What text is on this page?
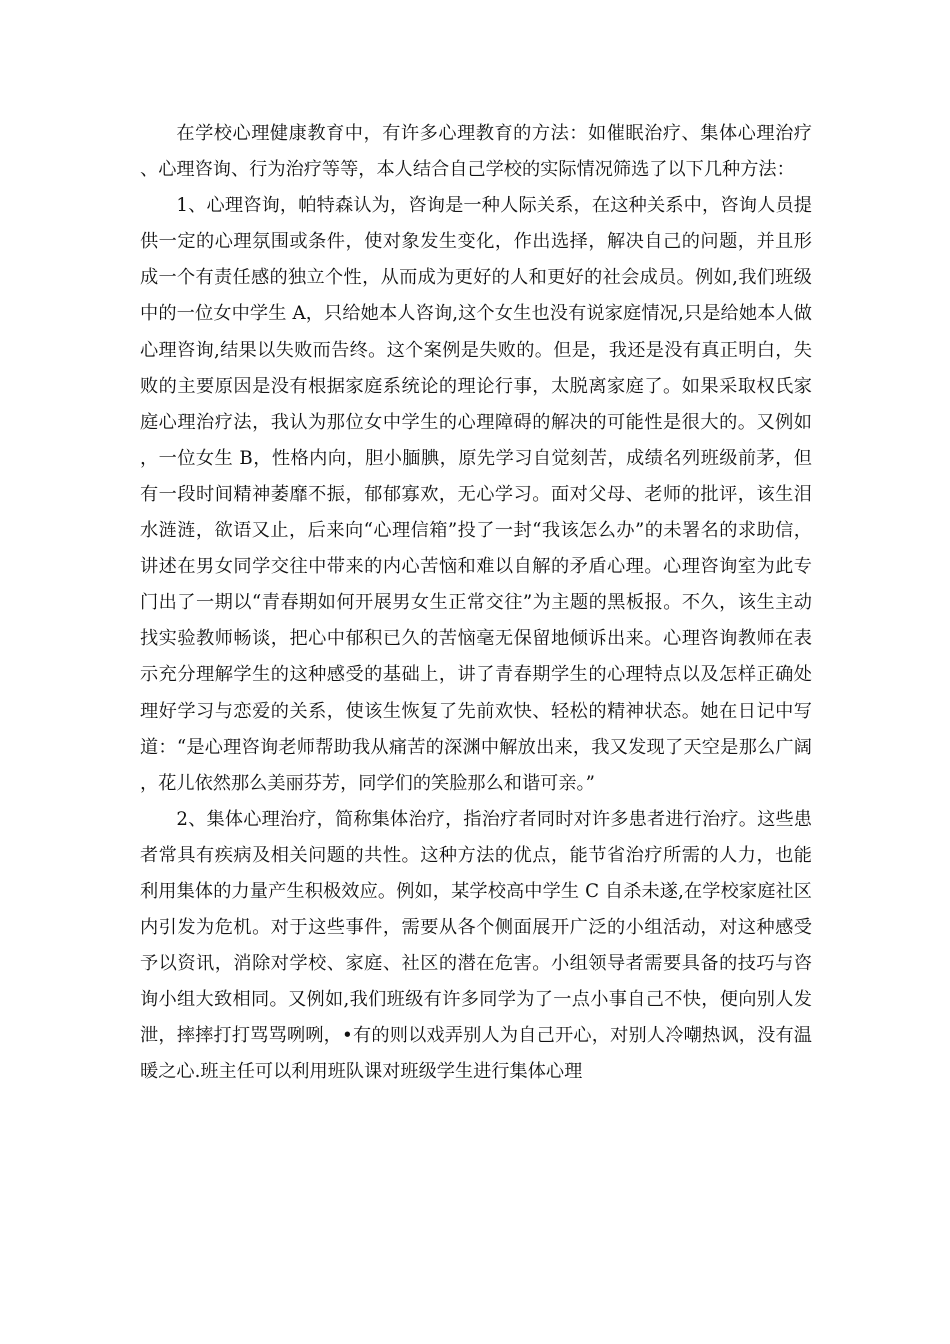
在学校心理健康教育中，有许多心理教育的方法：如催眠治疗、集体心理治疗、心理咨询、行为治疗等等，本人结合自己学校的实际情况筛选了以下几种方法：

1、心理咨询，帕特森认为，咨询是一种人际关系，在这种关系中，咨询人员提供一定的心理氛围或条件，使对象发生变化，作出选择，解决自己的问题，并且形成一个有责任感的独立个性，从而成为更好的人和更好的社会成员。例如,我们班级中的一位女中学生 A，只给她本人咨询,这个女生也没有说家庭情况,只是给她本人做心理咨询,结果以失败而告终。这个案例是失败的。但是，我还是没有真正明白，失败的主要原因是没有根据家庭系统论的理论行事，太脱离家庭了。如果采取权氏家庭心理治疗法，我认为那位女中学生的心理障碍的解决的可能性是很大的。又例如，一位女生 B，性格内向，胆小腼腆，原先学习自觉刻苦，成绩名列班级前茅，但有一段时间精神萎靡不振，郁郁寡欢，无心学习。面对父母、老师的批评，该生泪水涟涟，欲语又止，后来向“心理信箱”投了一封“我该怎么办”的未署名的求助信，讲述在男女同学交往中带来的内心苦恼和难以自解的矛盾心理。心理咨询室为此专门出了一期以“青春期如何开展男女生正常交往”为主题的黑板报。不久，该生主动找实验教师畅谈，把心中郁积已久的苦恼毫无保留地倾诉出来。心理咨询教师在表示充分理解学生的这种感受的基础上，讲了青春期学生的心理特点以及怎样正确处理好学习与恋爱的关系，使该生恢复了先前欢快、轻松的精神状态。她在日记中写道：“是心理咨询老师帮助我从痛苦的深渊中解放出来，我又发现了天空是那么广阔，花儿依然那么美丽芬芳，同学们的笑脸那么和谐可亲。”

2、集体心理治疗，简称集体治疗，指治疗者同时对许多患者进行治疗。这些患者常具有疾病及相关问题的共性。这种方法的优点，能节省治疗所需的人力，也能利用集体的力量产生积极效应。例如，某学校高中学生 C 自杀未遂,在学校家庭社区内引发为危机。对于这些事件，需要从各个侧面展开广泛的小组活动，对这种感受予以资讯，消除对学校、家庭、社区的潜在危害。小组领导者需要具备的技巧与咨询小组大致相同。又例如,我们班级有许多同学为了一点小事自己不快，便向别人发泄，摔摔打打骂骂咧咧，•有的则以戏弄别人为自己开心，对别人冷嘲热讽，没有温暖之心.班主任可以利用班队课对班级学生进行集体心理
